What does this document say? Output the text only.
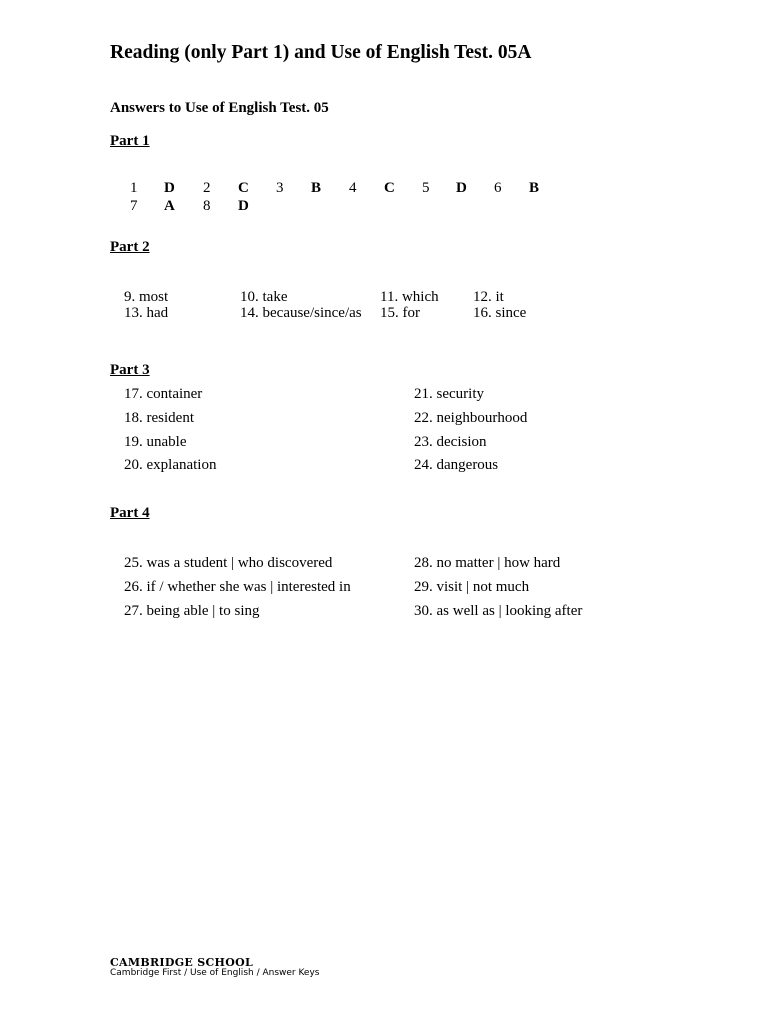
Reading (only Part 1) and Use of English Test. 05A
Answers to Use of English Test. 05
Part 1
1 D 2 C 3 B 4 C 5 D 6 B
7 A 8 D
Part 2
9. most	10. take	11. which 12. it
13. had	14. because/since/as 15. for	16. since
Part 3
17. container
18. resident
19. unable
20. explanation
21. security
22. neighbourhood
23. decision
24. dangerous
Part 4
25. was a student | who discovered
26. if / whether she was | interested in
27. being able | to sing
28. no matter | how hard
29. visit | not much
30. as well as | looking after
CAMBRIDGE SCHOOL
Cambridge First / Use of English / Answer Keys
